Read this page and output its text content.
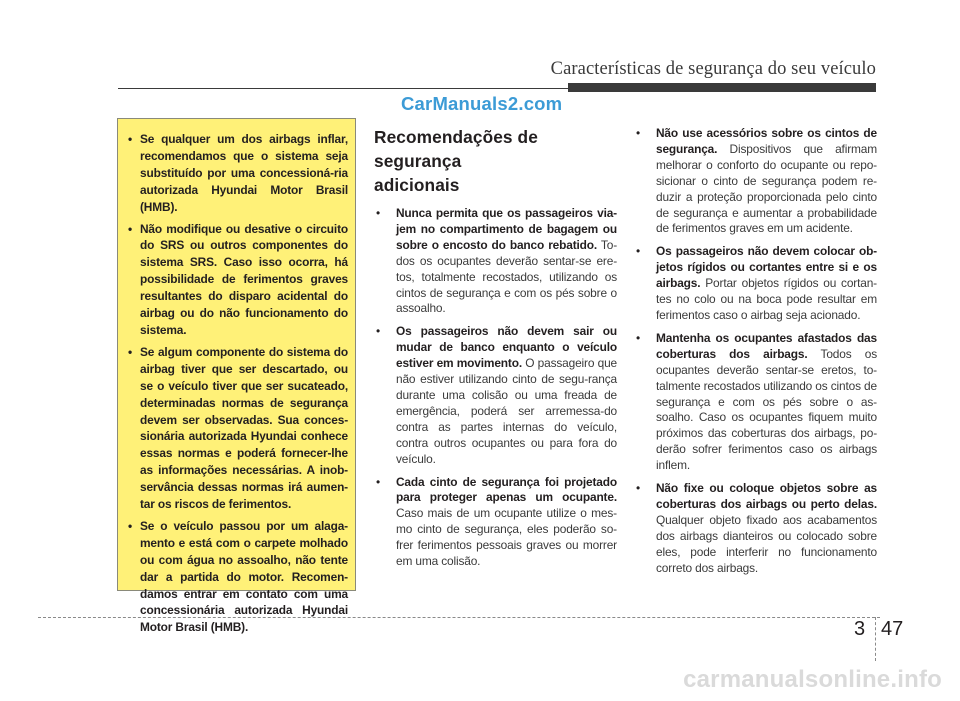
Características de segurança do seu veículo
CarManuals2.com
• Se qualquer um dos airbags inflar, recomendamos que o sistema seja substituído por uma concessioná-ria autorizada Hyundai Motor Brasil (HMB).
• Não modifique ou desative o circuito do SRS ou outros componentes do sistema SRS. Caso isso ocorra, há possibilidade de ferimentos graves resultantes do disparo acidental do airbag ou do não funcionamento do sistema.
• Se algum componente do sistema do airbag tiver que ser descartado, ou se o veículo tiver que ser sucateado, determinadas normas de segurança devem ser observadas. Sua conces-sionária autorizada Hyundai conhece essas normas e poderá fornecer-lhe as informações necessárias. A inob-servância dessas normas irá aumen-tar os riscos de ferimentos.
• Se o veículo passou por um alaga-mento e está com o carpete molhado ou com água no assoalho, não tente dar a partida do motor. Recomen-damos entrar em contato com uma concessionária autorizada Hyundai Motor Brasil (HMB).
Recomendações de segurança
adicionais
• Nunca permita que os passageiros via-jem no compartimento de bagagem ou sobre o encosto do banco rebatido. To-dos os ocupantes deverão sentar-se ere-tos, totalmente recostados, utilizando os cintos de segurança e com os pés sobre o assoalho.
• Os passageiros não devem sair ou mudar de banco enquanto o veículo estiver em movimento. O passageiro que não estiver utilizando cinto de segu-rança durante uma colisão ou uma freada de emergência, poderá ser arremessa-do contra as partes internas do veículo, contra outros ocupantes ou para fora do veículo.
• Cada cinto de segurança foi projetado para proteger apenas um ocupante. Caso mais de um ocupante utilize o mes-mo cinto de segurança, eles poderão so-frer ferimentos pessoais graves ou morrer em uma colisão.
• Não use acessórios sobre os cintos de segurança. Dispositivos que afirmam melhorar o conforto do ocupante ou repo-sicionar o cinto de segurança podem re-duzir a proteção proporcionada pelo cinto de segurança e aumentar a probabilidade de ferimentos graves em um acidente.
• Os passageiros não devem colocar ob-jetos rígidos ou cortantes entre si e os airbags. Portar objetos rígidos ou cortan-tes no colo ou na boca pode resultar em ferimentos caso o airbag seja acionado.
• Mantenha os ocupantes afastados das coberturas dos airbags. Todos os ocupantes deverão sentar-se eretos, to-talmente recostados utilizando os cintos de segurança e com os pés sobre o as-soalho. Caso os ocupantes fiquem muito próximos das coberturas dos airbags, po-derão sofrer ferimentos caso os airbags inflem.
• Não fixe ou coloque objetos sobre as coberturas dos airbags ou perto delas. Qualquer objeto fixado aos acabamentos dos airbags dianteiros ou colocado sobre eles, pode interferir no funcionamento correto dos airbags.
3 47
carmanualsonline.info
